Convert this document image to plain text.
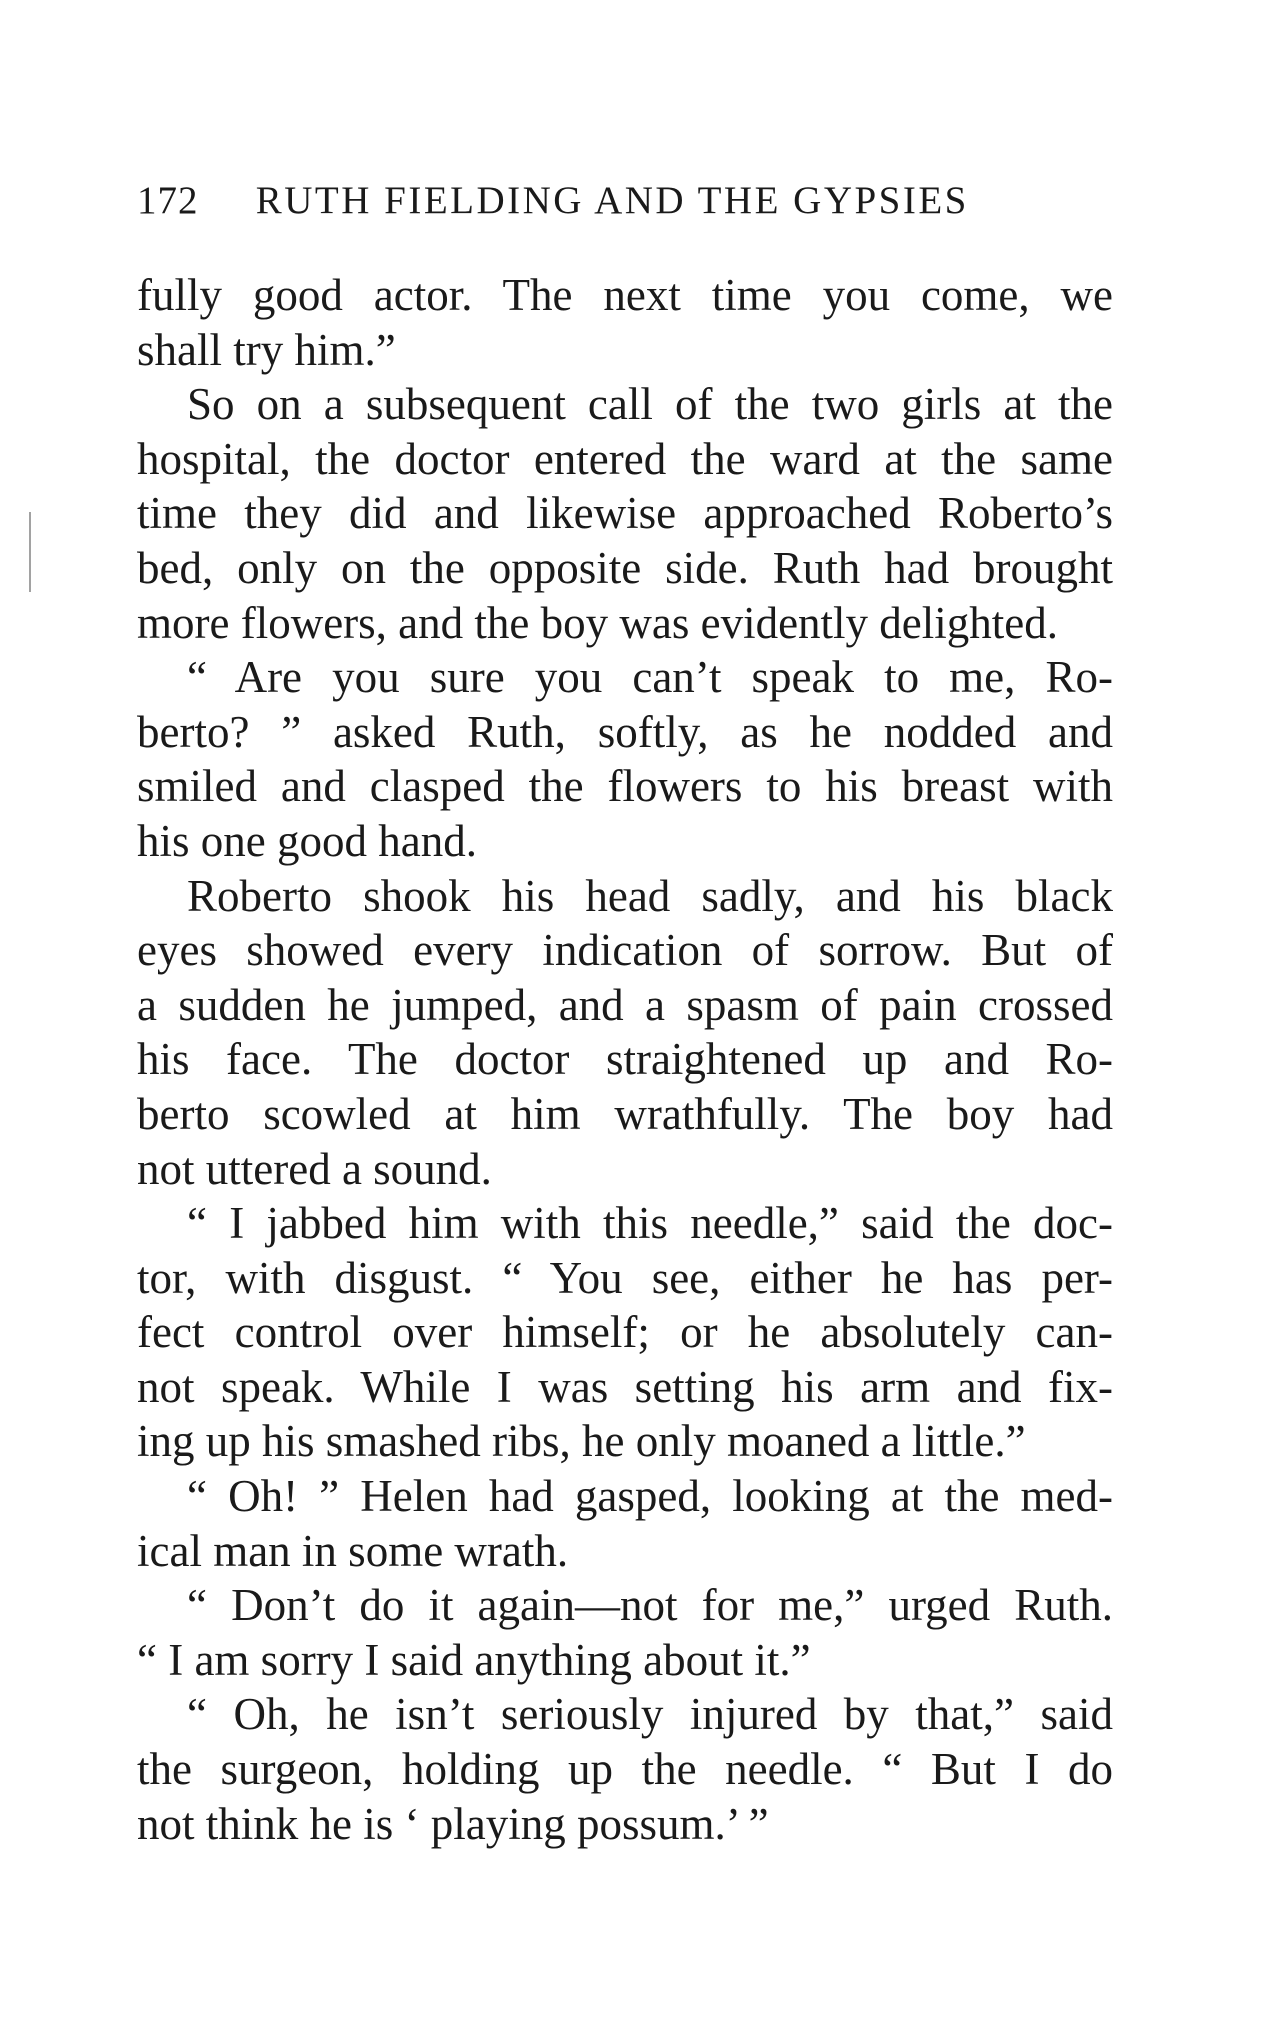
172 RUTH FIELDING AND THE GYPSIES
fully good actor. The next time you come, we
shall try him.”
So on a subsequent call of the two girls at the
hospital, the doctor entered the ward at the same
time they did and likewise approached Roberto’s
bed, only on the opposite side. Ruth had brought
more flowers, and the boy was evidently delighted.
“ Are you sure you can’t speak to me, Ro-
berto? ” asked Ruth, softly, as he nodded and
smiled and clasped the flowers to his breast with
his one good hand.
Roberto shook his head sadly, and his black
eyes showed every indication of sorrow. But of
a sudden he jumped, and a spasm of pain crossed
his face. The doctor straightened up and Ro-
berto scowled at him wrathfully. The boy had
not uttered a sound.
“ I jabbed him with this needle,” said the doc-
tor, with disgust. “ You see, either he has per-
fect control over himself; or he absolutely can-
not speak. While I was setting his arm and fix-
ing up his smashed ribs, he only moaned a little.”
“ Oh! ” Helen had gasped, looking at the med-
ical man in some wrath.
“ Don’t do it again—not for me,” urged Ruth.
“ I am sorry I said anything about it.”
“ Oh, he isn’t seriously injured by that,” said
the surgeon, holding up the needle. “ But I do
not think he is ‘ playing possum.’ ”
